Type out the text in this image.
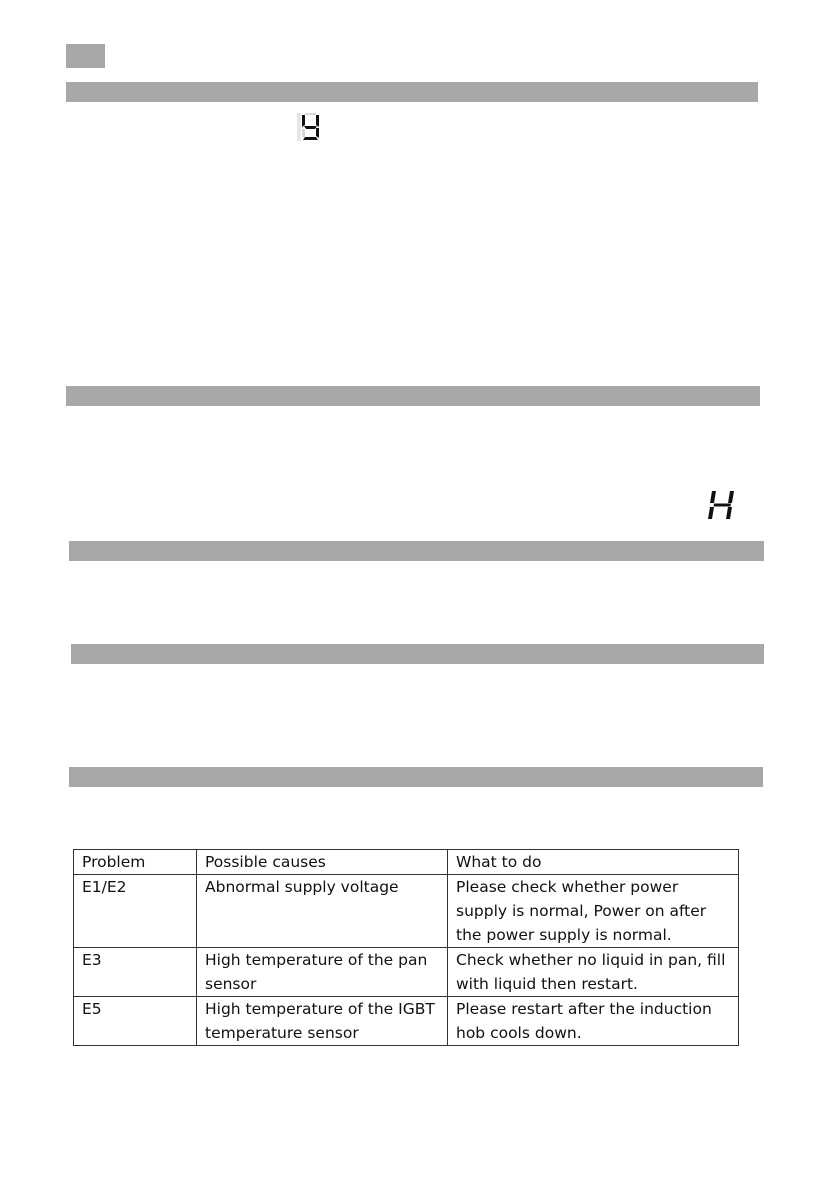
Problem	Possible causes	What to do
E1/E2	Abnormal supply voltage	Please check whether power supply is normal, Power on after the power supply is normal.
E3	High temperature of the pan sensor	Check whether no liquid in pan, fill with liquid then restart.
E5	High temperature of the IGBT temperature sensor	Please restart after the induction hob cools down.
